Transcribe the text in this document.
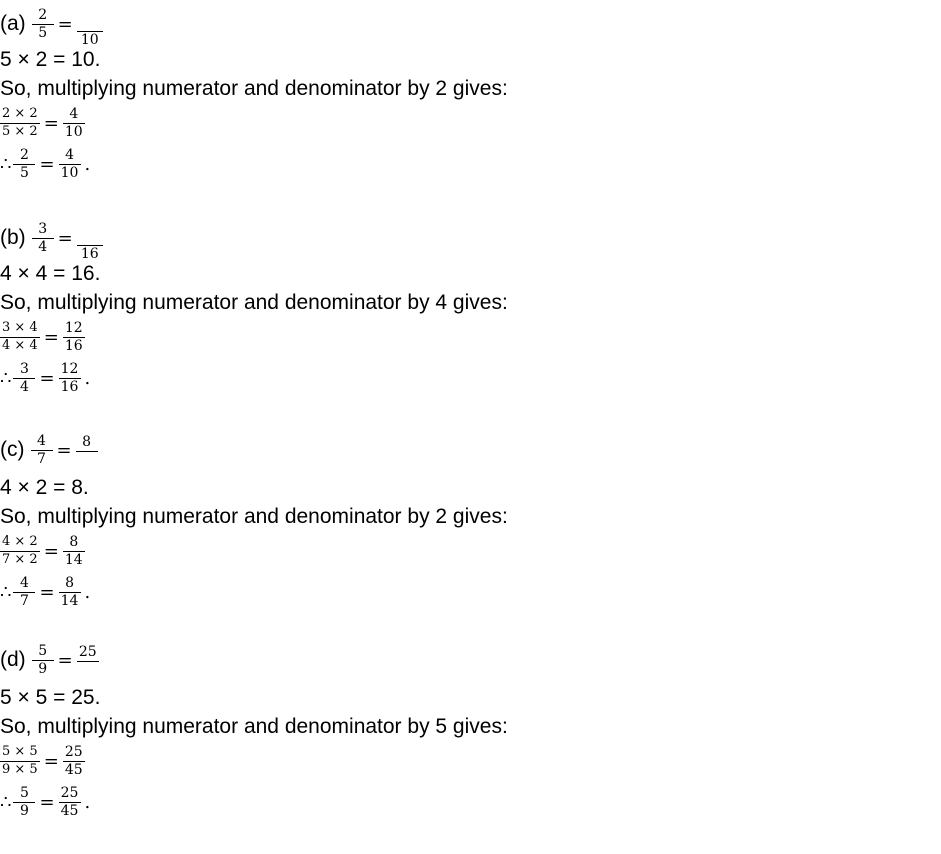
$(a) \frac{2}{5}$ =
10
5 × 2 = 10.
So, multiplying numerator and denominator by 2 gives:
$\frac{2 \times 2}{5 \times 2} = \frac{4}{10}$
∴ $\frac{2}{5} = \frac{4}{10}$ .
$(b) \frac{3}{4}$ =
16
4 × 4 = 16.
So, multiplying numerator and denominator by 4 gives:
$\frac{3 \times 4}{4 \times 4} = \frac{12}{16}$
∴ $\frac{3}{4} = \frac{12}{16}$ .
$(c) \frac{4}{7} = 8$
4 × 2 = 8.
So, multiplying numerator and denominator by 2 gives:
$\frac{4 \times 2}{7 \times 2} = \frac{8}{14}$
∴ $\frac{4}{7} = \frac{8}{14}$ .
$(d) \frac{5}{9} = 25$
5 × 5 = 25.
So, multiplying numerator and denominator by 5 gives:
$\frac{5 \times 5}{9 \times 5} = \frac{25}{45}$
∴ $\frac{5}{9} = \frac{25}{45}$ .
